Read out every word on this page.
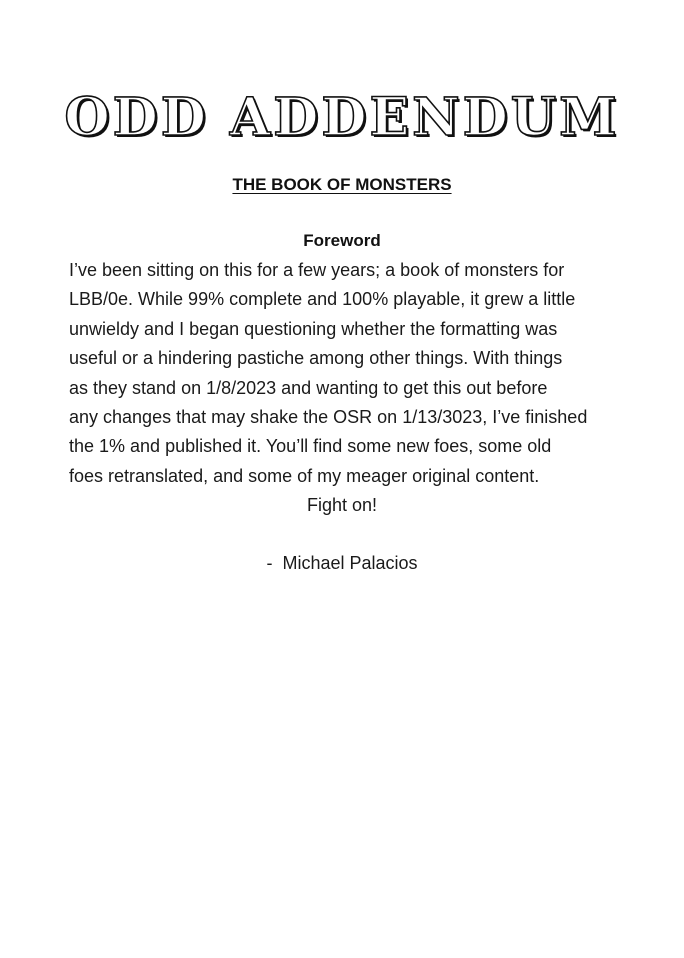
ODD ADDENDUM
THE BOOK OF MONSTERS
Foreword
I’ve been sitting on this for a few years; a book of monsters for
LBB/0e. While 99% complete and 100% playable, it grew a little
unwieldy and I began questioning whether the formatting was
useful or a hindering pastiche among other things. With things
as they stand on 1/8/2023 and wanting to get this out before
any changes that may shake the OSR on 1/13/3023, I’ve finished
the 1% and published it. You’ll find some new foes, some old
foes retranslated, and some of my meager original content.
Fight on!
-  Michael Palacios
